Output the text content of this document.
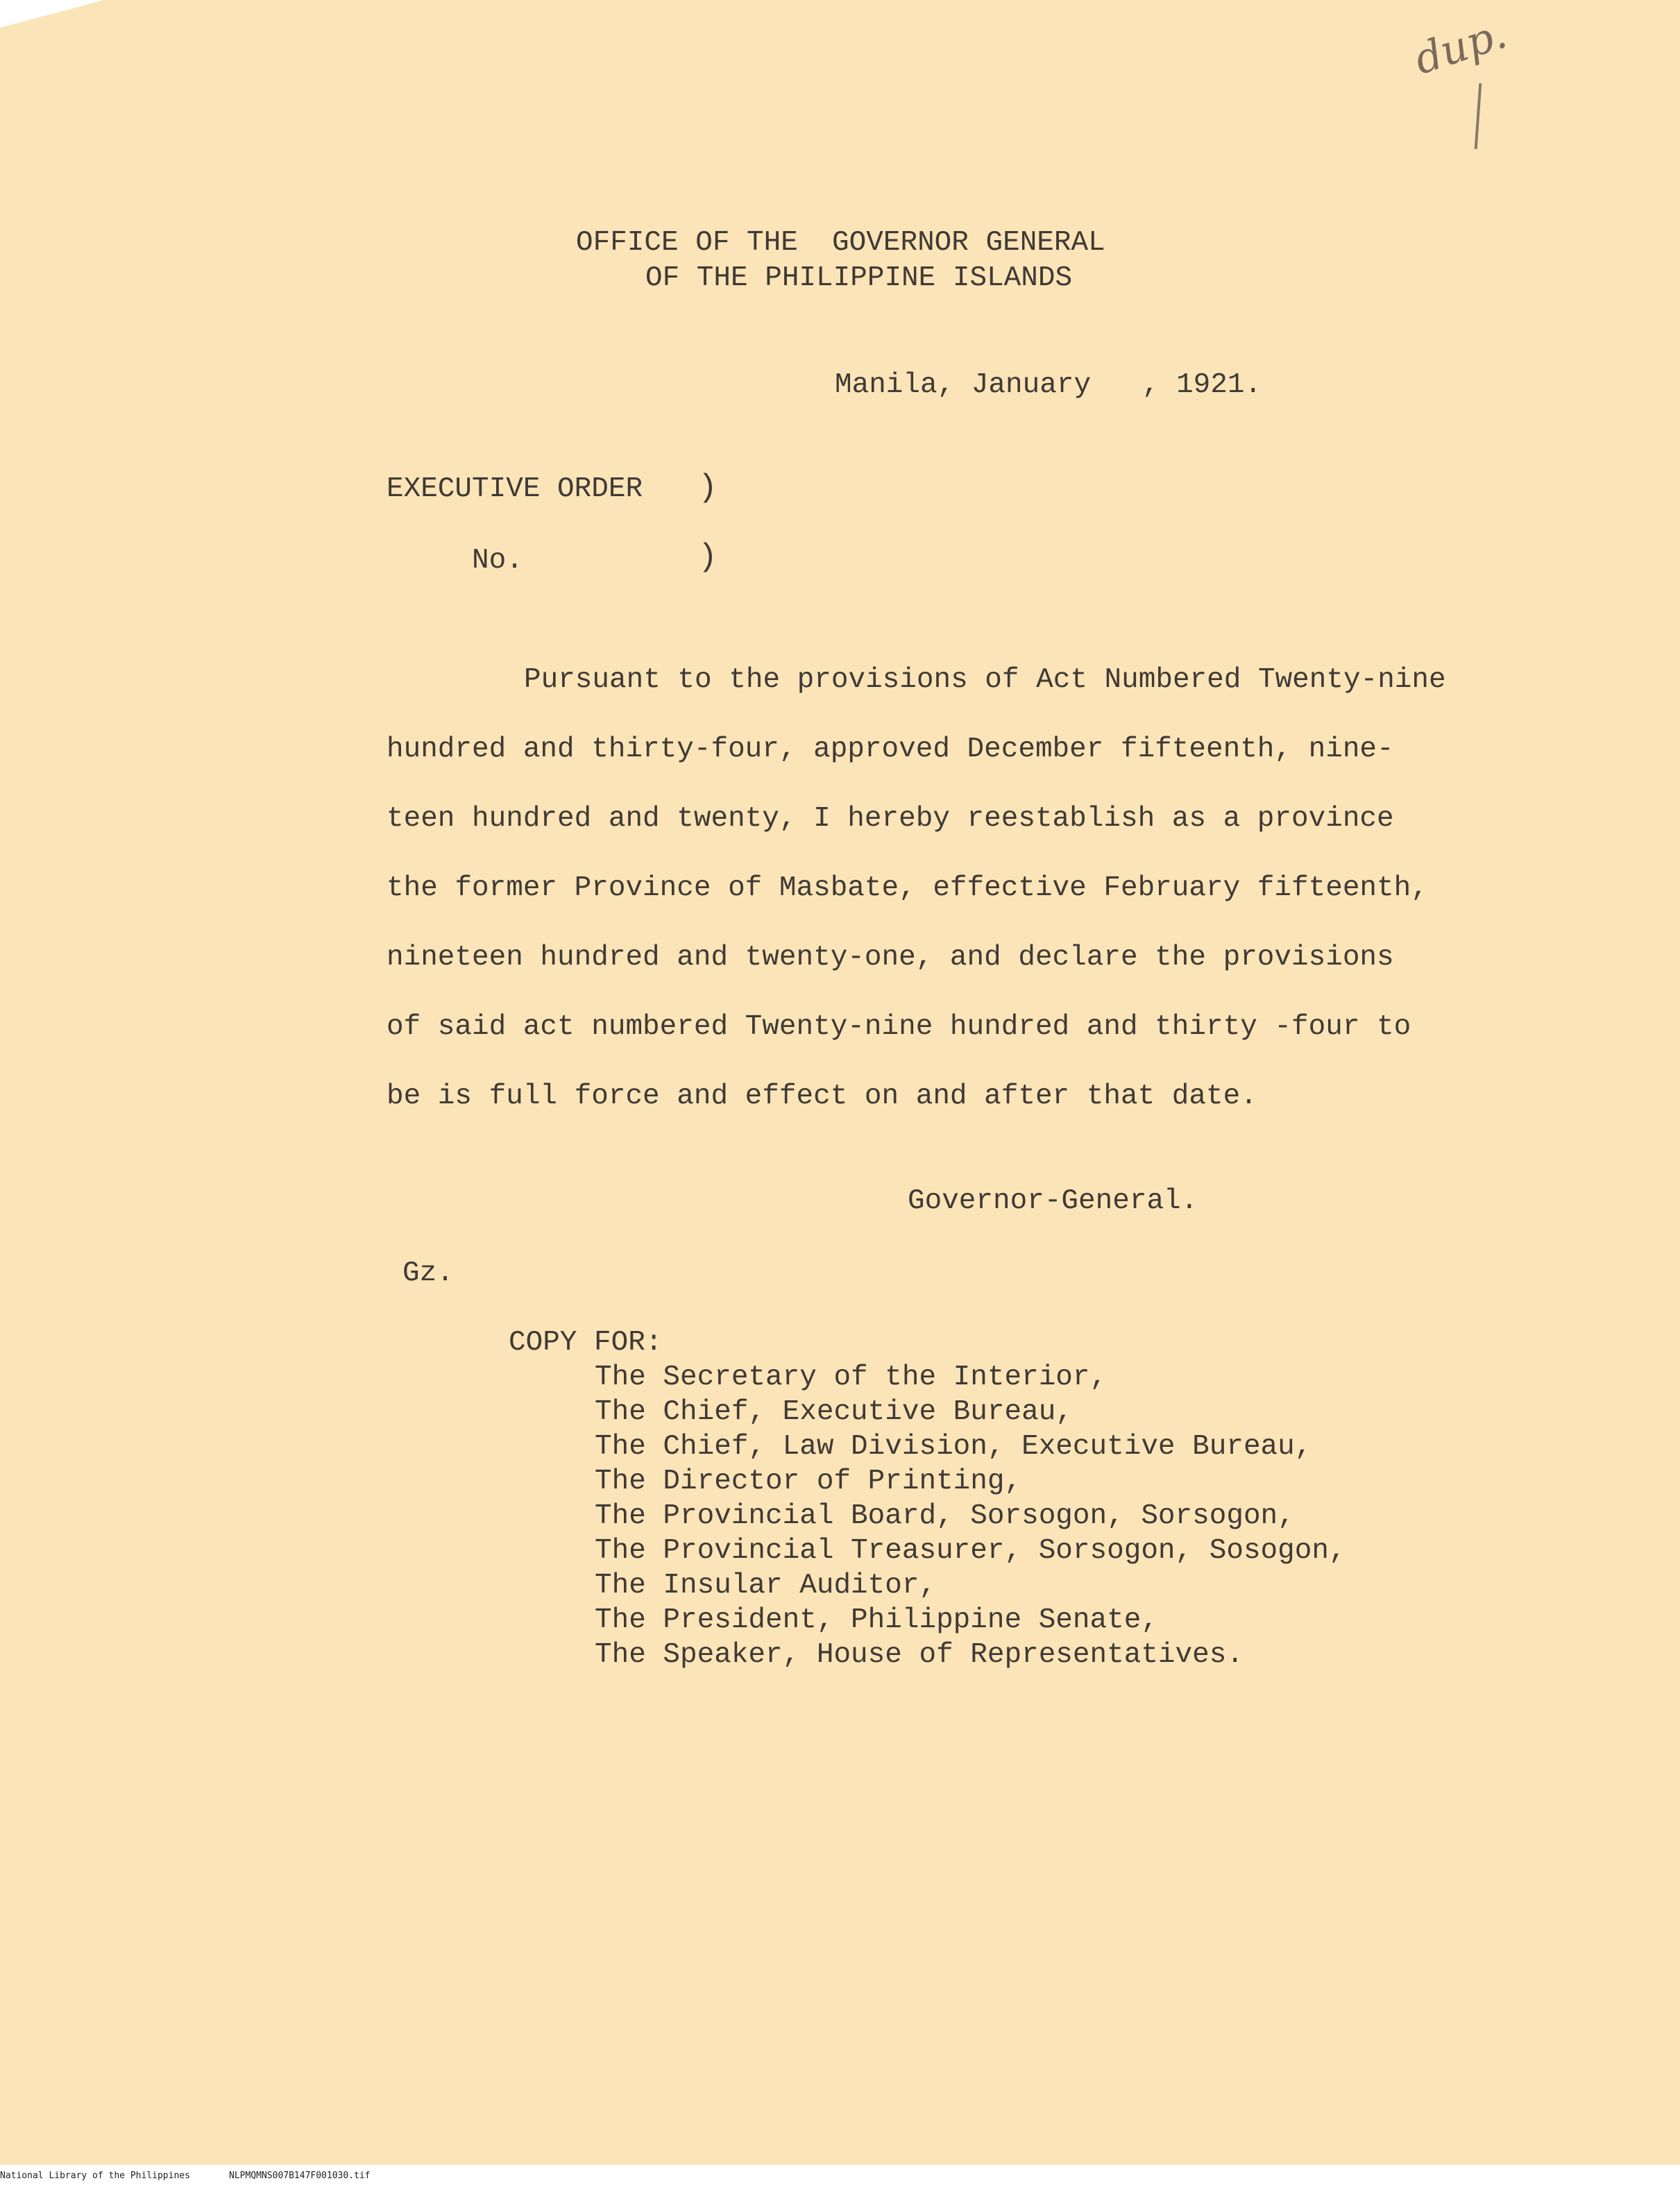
dup.

OFFICE OF THE  GOVERNOR GENERAL

OF THE PHILIPPINE ISLANDS

Manila, January   , 1921.

EXECUTIVE ORDER )

No.	)

Pursuant to the provisions of Act Numbered Twenty-nine

hundred and thirty-four, approved December fifteenth, nine-

teen hundred and twenty, I hereby reestablish as a province

the former Province of Masbate, effective February fifteenth,

nineteen hundred and twenty-one, and declare the provisions

of said act numbered Twenty-nine hundred and thirty -four to

be is full force and effect on and after that date.

Governor-General.

Gz.

COPY FOR:

The Secretary of the Interior,
The Chief, Executive Bureau,
The Chief, Law Division, Executive Bureau,
The Director of Printing,
The Provincial Board, Sorsogon, Sorsogon,
The Provincial Treasurer, Sorsogon, Sosogon,
The Insular Auditor,
The President, Philippine Senate,
The Speaker, House of Representatives.
National Library of the Philippines	NLPMQMNS007B147F001030.tif
